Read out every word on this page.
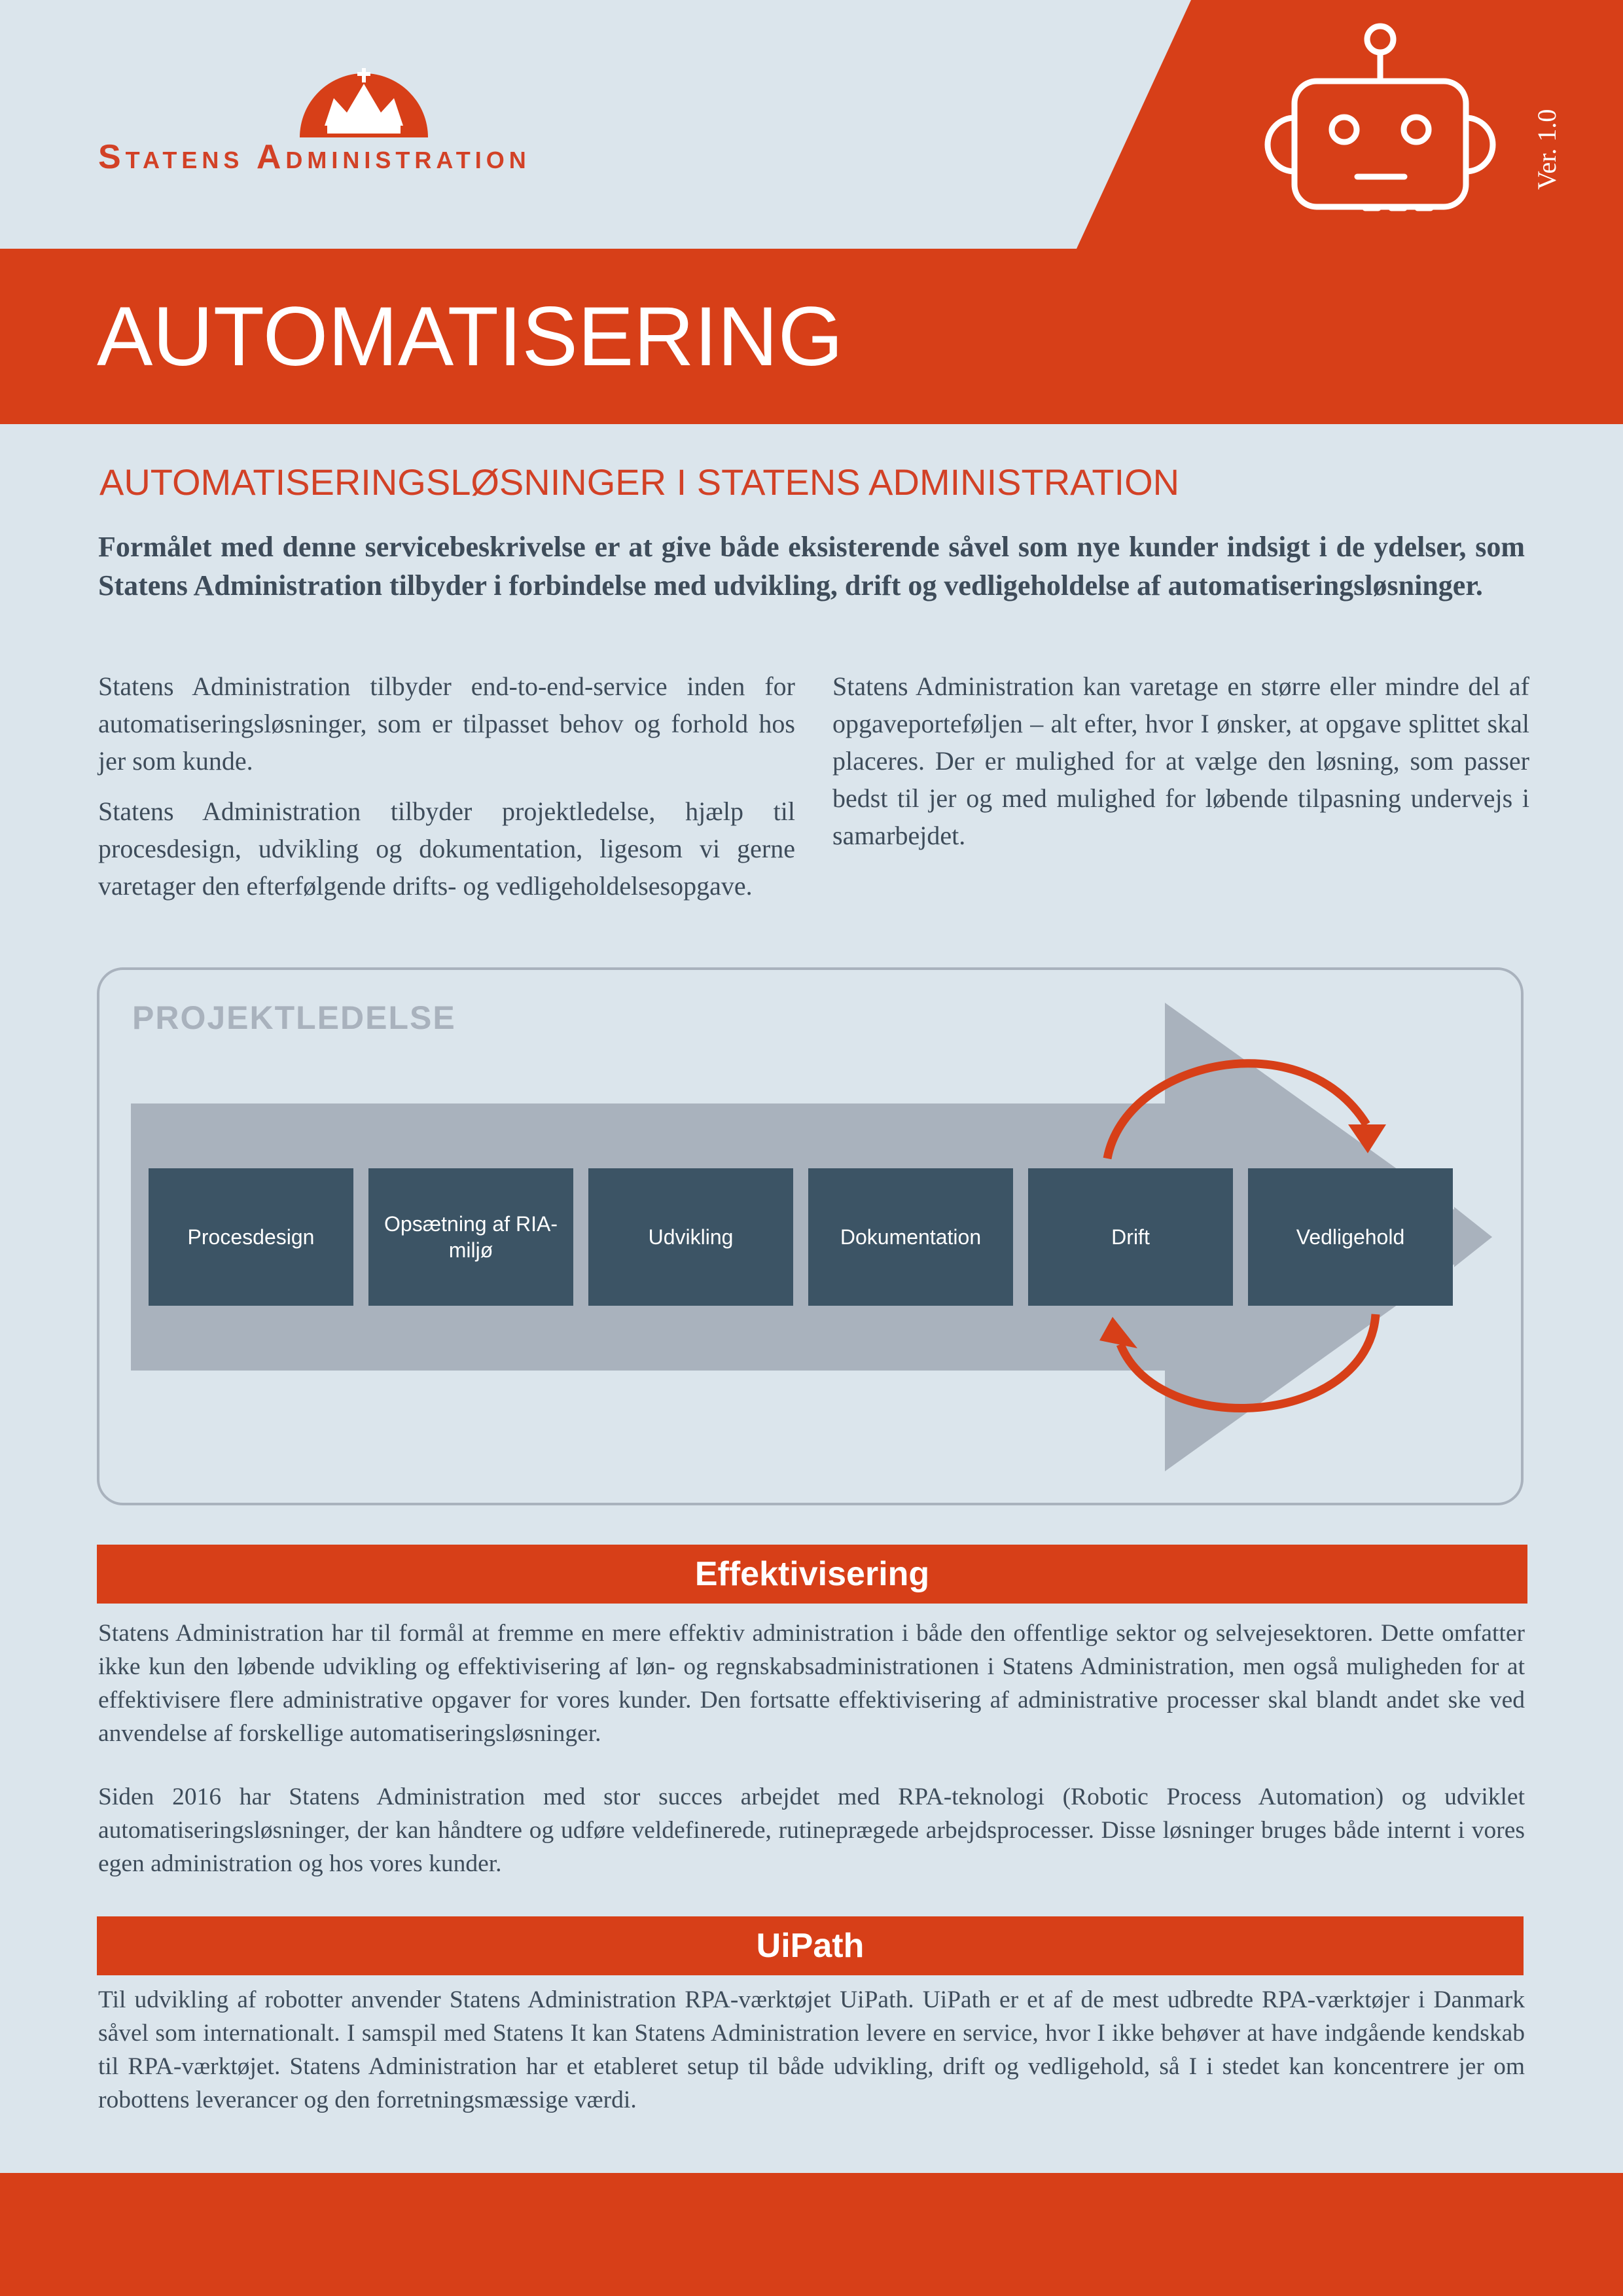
Statens Administration	Ver. 1.0
AUTOMATISERING
AUTOMATISERINGSLØSNINGER I STATENS ADMINISTRATION
Formålet med denne servicebeskrivelse er at give både eksisterende såvel som nye kunder indsigt i de ydelser, som Statens Administration tilbyder i forbindelse med udvikling, drift og vedligeholdelse af automatiseringsløsninger.

Statens Administration tilbyder end-to-end-service inden for automatiseringsløsninger, som er tilpasset behov og forhold hos jer som kunde.

Statens Administration tilbyder projektledelse, hjælp til procesdesign, udvikling og dokumentation, ligesom vi gerne varetager den efterfølgende drifts- og vedligeholdelsesopgave.

Statens Administration kan varetage en større eller mindre del af opgaveporteføljen – alt efter, hvor I ønsker, at opgave splittet skal placeres. Der er mulighed for at vælge den løsning, som passer bedst til jer og med mulighed for løbende tilpasning undervejs i samarbejdet.

PROJEKTLEDELSE
Procesdesign
Opsætning af RIA-miljø
Udvikling	Dokumentation	Drift	Vedligehold
Effektivisering

Statens Administration har til formål at fremme en mere effektiv administration i både den offentlige sektor og selvejesektoren. Dette omfatter ikke kun den løbende udvikling og effektivisering af løn- og regnskabsadministrationen i Statens Administration, men også muligheden for at effektivisere flere administrative opgaver for vores kunder. Den fortsatte effektivisering af administrative processer skal blandt andet ske ved anvendelse af forskellige automatiseringsløsninger.

Siden 2016 har Statens Administration med stor succes arbejdet med RPA-teknologi (Robotic Process Automation) og udviklet automatiseringsløsninger, der kan håndtere og udføre veldefinerede, rutineprægede arbejdsprocesser. Disse løsninger bruges både internt i vores egen administration og hos vores kunder.

UiPath

Til udvikling af robotter anvender Statens Administration RPA-værktøjet UiPath. UiPath er et af de mest udbredte RPA-værktøjer i Danmark såvel som internationalt. I samspil med Statens It kan Statens Administration levere en service, hvor I ikke behøver at have indgående kendskab til RPA-værktøjet. Statens Administration har et etableret setup til både udvikling, drift og vedligehold, så I i stedet kan koncentrere jer om robottens leverancer og den forretningsmæssige værdi.
